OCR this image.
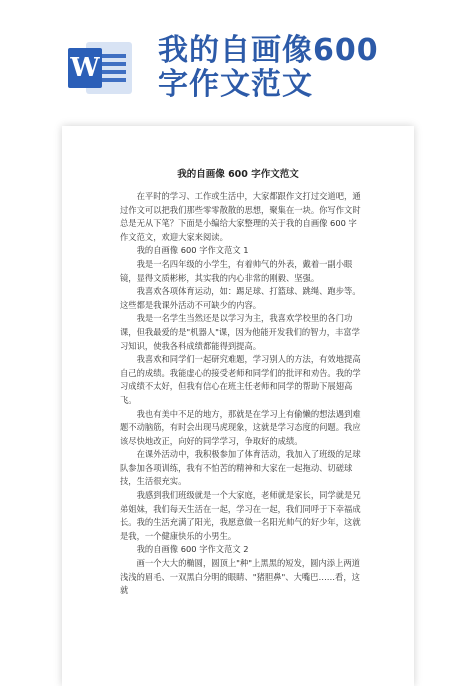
W 我的自画像600
字作文范文
我的自画像 600 字作文范文

在平时的学习、工作或生活中，大家都跟作文打过交道吧，通过作文可以把我们那些零零散散的思想，聚集在一块。你写作文时总是无从下笔？下面是小编给大家整理的关于我的自画像 600 字作文范文，欢迎大家来阅读。

我的自画像 600 字作文范文 1

我是一名四年级的小学生，有着帅气的外表，戴着一副小眼镜，显得文质彬彬，其实我的内心非常的刚毅、坚强。

我喜欢各项体育运动，如：踢足球、打篮球、跳绳、跑步等。这些都是我课外活动不可缺少的内容。

我是一名学生当然还是以学习为主，我喜欢学校里的各门功课，但我最爱的是"机器人"课，因为他能开发我们的智力，丰富学习知识，使我各科成绩都能得到提高。

我喜欢和同学们一起研究难题，学习别人的方法，有效地提高自己的成绩。我能虚心的接受老师和同学们的批评和劝告。我的学习成绩不太好，但我有信心在班主任老师和同学的帮助下展翅高飞。

我也有美中不足的地方，那就是在学习上有偷懒的想法遇到难题不动脑筋，有时会出现马虎现象，这就是学习态度的问题。我应该尽快地改正，向好的同学学习，争取好的成绩。

在课外活动中，我积极参加了体育活动，我加入了班级的足球队参加各项训练，我有不怕苦的精神和大家在一起拖动、切磋球技，生活很充实。

我感到我们班级就是一个大家庭，老师就是家长，同学就是兄弟姐妹，我们每天生活在一起，学习在一起，我们同呼于下幸福成长。我的生活充满了阳光，我愿意做一名阳光帅气的好少年，这就是我，一个健康快乐的小男生。

我的自画像 600 字作文范文 2

画一个大大的椭圆，圆顶上"种"上黑黑的短发，圆内添上两道浅浅的眉毛、一双黑白分明的眼睛、"猪胆鼻"、大嘴巴……看，这就
